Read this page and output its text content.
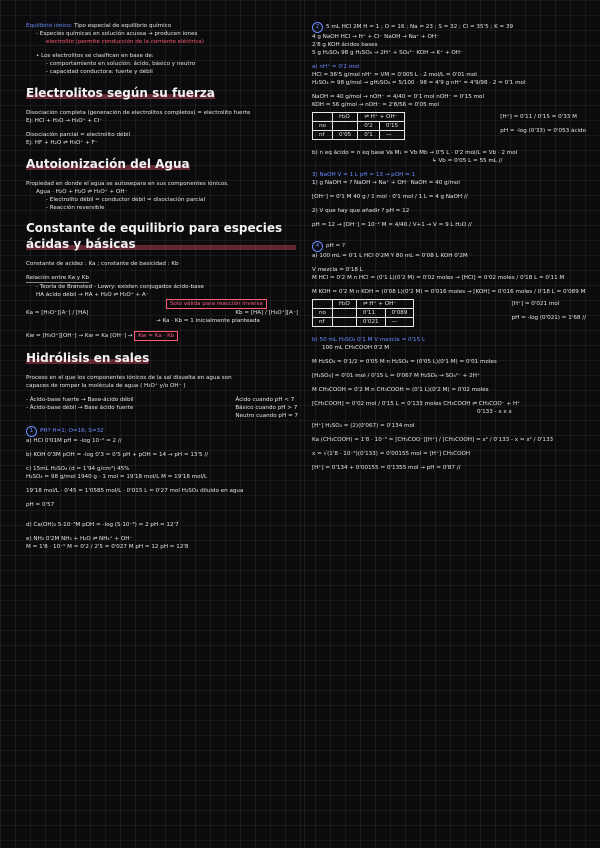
Equilibrio iónico: Tipo especial de equilibrio químico

- Especies químicas en solución acuosa → producen iones

electrolito (permite conducción de la corriente eléctrica)

• Los electrolitos se clasifican en base de:

- comportamiento en solución: ácido, básico y neutro

- capacidad conductora: fuerte y débil

Electrolitos según su fuerza

Disociación completa (generación de electrolitos completos) = electrolito fuerte

Ej: HCl + H₂O → H₃O⁺ + Cl⁻

Disociación parcial = electrolito débil

Ej: HF + H₂O ⇌ H₃O⁺ + F⁻

Autoionización del Agua

Propiedad en donde el agua se autosepara en sus componentes iónicos.

Agua · H₂O + H₂O ⇌ H₃O⁺ + OH⁻

- Electrolito débil = conductor débil = disociación parcial

- Reacción reversible

Constante de equilibrio para especies ácidas y básicas

Constante de acidez : Ka ; constante de basicidad : Kb

Relación entre Ka y Kb

- Teoría de Brønsted - Lowry: existen conjugados ácido-base

HA ácido débil → HA + H₂O ⇌ H₃O⁺ + A⁻

Solo válida para reacción inversa

Ka = [H₃O⁺][A⁻] / [HA]	Kb = [HA] / [H₃O⁺][A⁻]

→ Ka · Kb = 1 inicialmente planteada

Kw = [H₃O⁺][OH⁻] → Kw = Ka [OH⁻] → Kw = Ka · Kb

Hidrólisis en sales

Proceso en el que los componentes iónicos de la sal disuelta en agua son

capaces de romper la molécula de agua ( H₃O⁺ y/o OH⁻ )

- Ácido-base fuerte → Base-ácido débil

- Ácido-base débil → Base ácido fuerte

Ácido cuando pH < 7

Básico cuando pH > 7

Neutro cuando pH = 7

1 PH? H=1; O=16; S=32

a) HCl 0'01M pH = -log 10⁻² = 2 //

b) KOH 0'3M pOH = -log 0'3 = 0'5 pH + pOH = 14 → pH = 13'5 //

c) 15mL H₂SO₄ (d = 1'94 g/cm³) 45%

H₂SO₄ = 98 g/mol 1940 g · 1 mol = 19'18 mol/L M = 19'18 mol/L

19'18 mol/L · 0'45 = 1'0585 mol/L · 0'015 L = 0'27 mol H₂SO₄ diluido en agua

pH = 0'57

d) Ca(OH)₂ 5·10⁻³M pOH = -log (5·10⁻³) = 2 pH = 12'7

e) NH₃ 0'2M NH₃ + H₂O ⇌ NH₄⁺ + OH⁻

M = 1'8 · 10⁻⁵ M = 0'2 / 2'5 = 0'027 M pH = 12 pH = 12'8

2 5 mL HCl 2M H = 1 ; O = 16 ; Na = 23 ; S = 32 ; Cl = 35'5 ; K = 39

4 g NaOH HCl → H⁺ + Cl⁻ NaOH → Na⁺ + OH⁻

2'8 g KOH ácidos bases

5 g H₂SO₄ 98 g H₂SO₄ → 2H⁺ + SO₄²⁻ KOH → K⁺ + OH⁻

a) nH⁺ = 0'2 mol

HCl = 36'5 g/mol nH⁺ = VM = 0'005 L · 2 mol/L = 0'01 mol

H₂SO₄ = 98 g/mol → gH₂SO₄ = 5/100 · 98 = 4'9 g nH⁺ = 4'9/98 · 2 = 0'1 mol

NaOH = 40 g/mol → nOH⁻ = 4/40 = 0'1 mol nOH⁻ = 0'15 mol

KOH = 56 g/mol → nOH⁻ = 2'8/56 = 0'05 mol

	H₂O	⇌ H⁺ + OH⁻	
no		0'2	0'15
nf	0'05	0'1	—

[H⁺] = 0'11 / 0'15 = 0'33 M

pH = -log (0'33) = 0'053 ácido

b) n eq ácido = n eq base Va M₁ = Vb Mb → 0'5 L · 0'2 mol/L = Vb · 2 mol

↳ Vb = 0'05 L = 55 mL //

3) NaOH V = 1 L pH = 13 → pOH = 1

1) g NaOH = ? NaOH → Na⁺ + OH⁻ NaOH = 40 g/mol

[OH⁻] = 0'1 M 40 g / 1 mol · 0'1 mol / 1 L = 4 g NaOH //

2) V que hay que añadir ? pH = 12

pH = 12 → [OH⁻] = 10⁻² M = 4/40 / V+1 → V = 9 L H₂O //

4 pH = ?

a) 100 mL = 0'1 L HCl 0'2M Y 80 mL = 0'08 L KOH 0'2M

V mezcla = 0'18 L

M HCl = 0'2 M n HCl = (0'1 L)(0'2 M) = 0'02 moles → [HCl] = 0'02 moles / 0'18 L = 0'11 M

M KOH = 0'2 M n KOH = (0'08 L)(0'2 M) = 0'016 moles → [KOH] = 0'016 moles / 0'18 L = 0'089 M

	H₂O	⇌ H⁺ + OH⁻	
no		0'11	0'089
nf		0'021	—

[H⁺] = 0'021 mol

pH = -log (0'021) = 1'68 //

b) 50 mL H₂SO₄ 0'1 M V mezcla = 0'15 L

100 mL CH₃COOH 0'2 M

M H₂SO₄ = 0'1/2 = 0'05 M n H₂SO₄ = (0'05 L)(0'1 M) = 0'01 moles

[H₂SO₄] = 0'01 mol / 0'15 L = 0'067 M H₂SO₄ → SO₄²⁻ + 2H⁺

M CH₃COOH = 0'2 M n CH₃COOH = (0'1 L)(0'2 M) = 0'02 moles

[CH₃COOH] = 0'02 mol / 0'15 L = 0'133 moles CH₃COOH ⇌ CH₃COO⁻ + H⁺

0'133 - x x x

[H⁺] H₂SO₄ = (2)(0'067) = 0'134 mol

Ka (CH₃COOH) = 1'8 · 10⁻⁵ = [CH₃COO⁻][H⁺] / [CH₃COOH] = x² / 0'133 - x ≈ x² / 0'133

x = √(1'8 · 10⁻⁵)(0'133) = 0'00155 mol = [H⁺] CH₃COOH

[H⁺] = 0'134 + 0'00155 = 0'1355 mol → pH = 0'87 //
